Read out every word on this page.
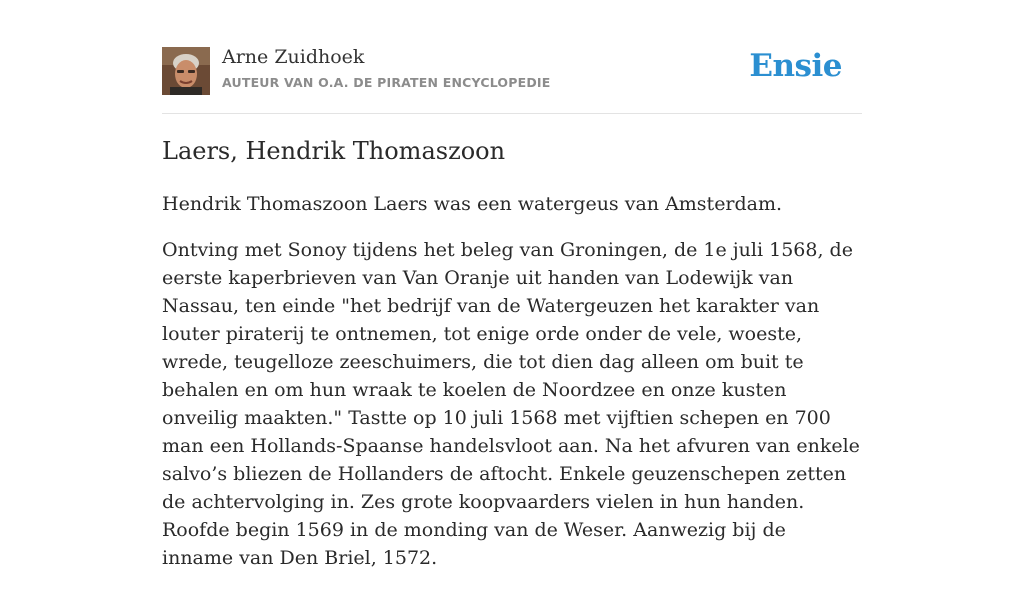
Arne Zuidhoek
AUTEUR VAN O.A. DE PIRATEN ENCYCLOPEDIE	Ensie
Laers, Hendrik Thomaszoon

Hendrik Thomaszoon Laers was een watergeus van Amsterdam.

Ontving met Sonoy tijdens het beleg van Groningen, de 1e juli 1568, de eerste kaperbrieven van Van Oranje uit handen van Lodewijk van Nassau, ten einde "het bedrijf van de Watergeuzen het karakter van louter piraterij te ontnemen, tot enige orde onder de vele, woeste, wrede, teugelloze zeeschuimers, die tot dien dag alleen om buit te behalen en om hun wraak te koelen de Noordzee en onze kusten onveilig maakten." Tastte op 10 juli 1568 met vijftien schepen en 700 man een Hollands-Spaanse handelsvloot aan. Na het afvuren van enkele salvo’s bliezen de Hollanders de aftocht. Enkele geuzenschepen zetten de achtervolging in. Zes grote koopvaarders vielen in hun handen. Roofde begin 1569 in de monding van de Weser. Aanwezig bij de inname van Den Briel, 1572.
